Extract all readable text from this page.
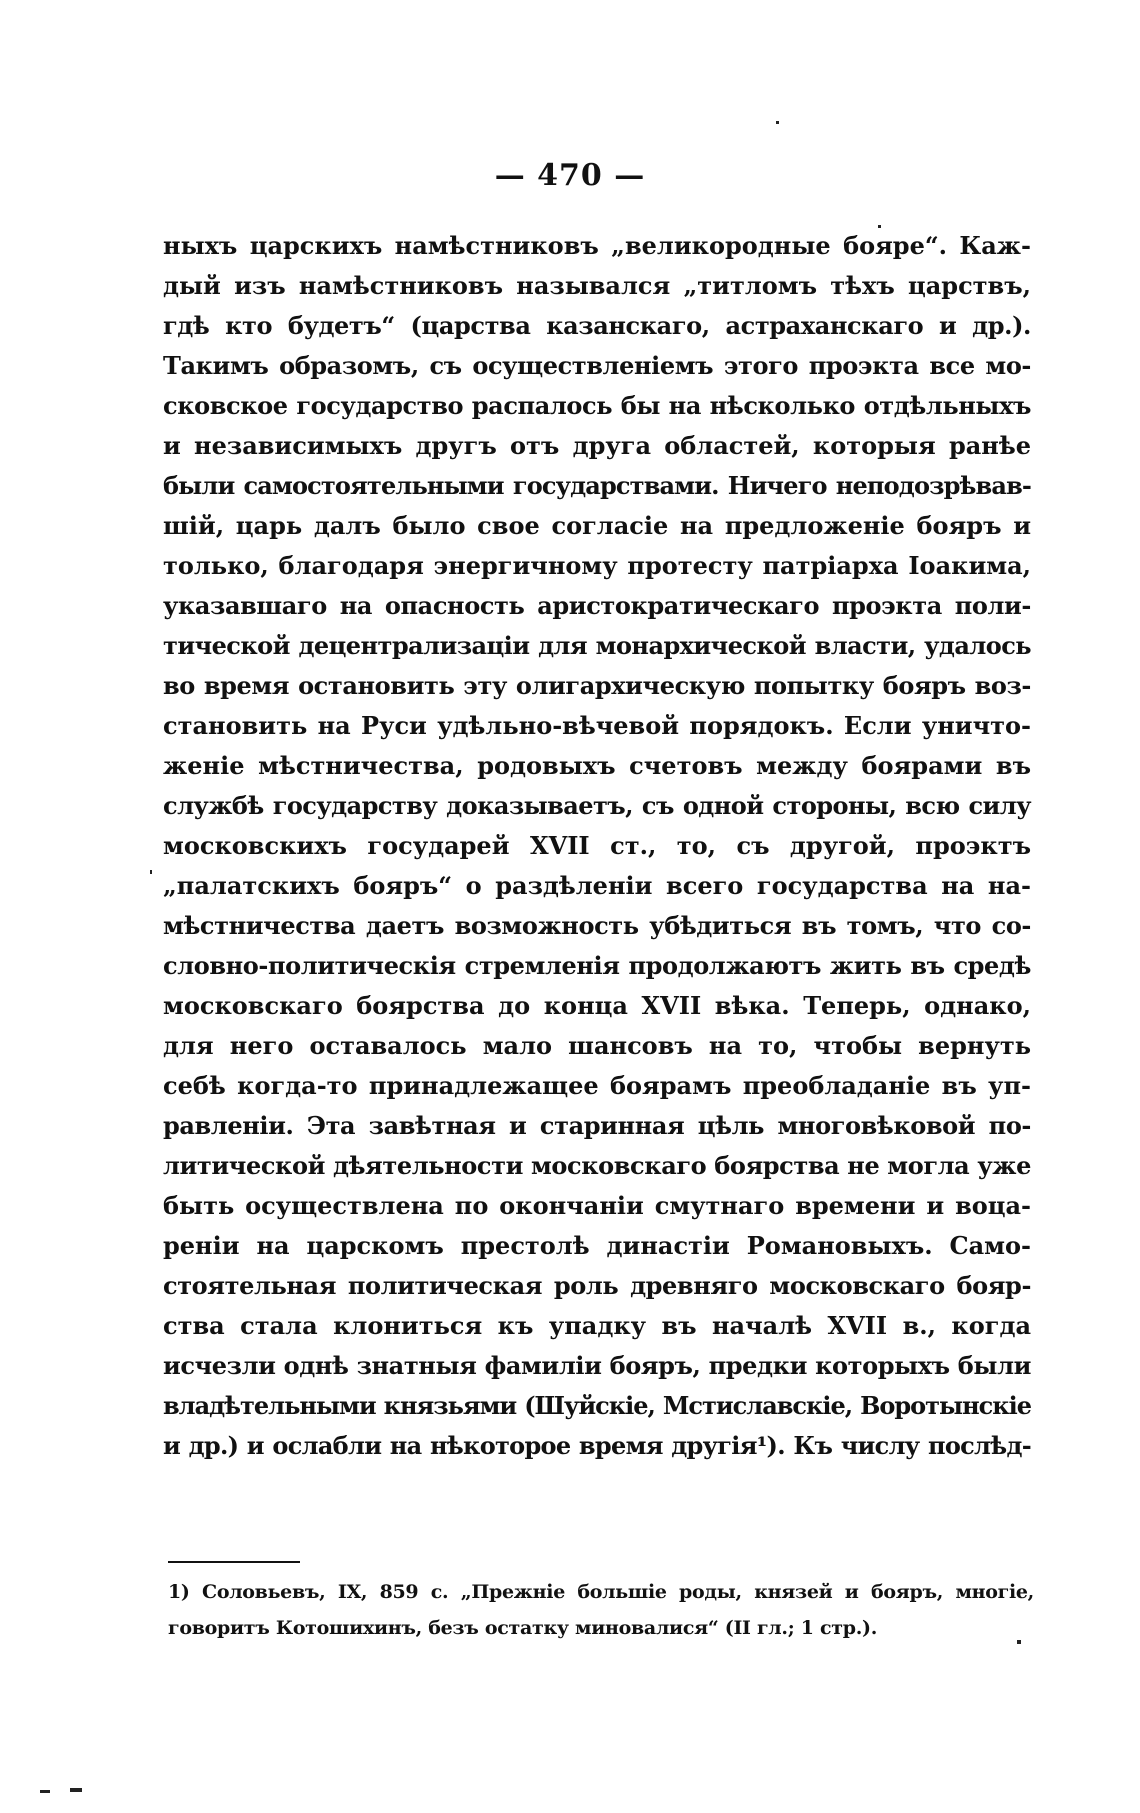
— 470 —
ныхъ царскихъ намѣстниковъ „великородные бояре“. Каж-
дый изъ намѣстниковъ назывался „титломъ тѣхъ царствъ,
гдѣ кто будетъ“ (царства казанскаго, астраханскаго и др.).
Такимъ образомъ, съ осуществленіемъ этого проэкта все мо-
сковское государство распалось бы на нѣсколько отдѣльныхъ
и независимыхъ другъ отъ друга областей, которыя ранѣе
были самостоятельными государствами. Ничего неподозрѣвав-
шій, царь далъ было свое согласіе на предложеніе бояръ и
только, благодаря энергичному протесту патріарха Іоакима,
указавшаго на опасность аристократическаго проэкта поли-
тической децентрализаціи для монархической власти, удалось
во время остановить эту олигархическую попытку бояръ воз-
становить на Руси удѣльно-вѣчевой порядокъ. Если уничто-
женіе мѣстничества, родовыхъ счетовъ между боярами въ
службѣ государству доказываетъ, съ одной стороны, всю силу
московскихъ государей XVII ст., то, съ другой, проэктъ
„палатскихъ бояръ“ о раздѣленіи всего государства на на-
мѣстничества даетъ возможность убѣдиться въ томъ, что со-
словно-политическія стремленія продолжаютъ жить въ средѣ
московскаго боярства до конца XVII вѣка. Теперь, однако,
для него оставалось мало шансовъ на то, чтобы вернуть
себѣ когда-то принадлежащее боярамъ преобладаніе въ уп-
равленіи. Эта завѣтная и старинная цѣль многовѣковой по-
литической дѣятельности московскаго боярства не могла уже
быть осуществлена по окончаніи смутнаго времени и воца-
реніи на царскомъ престолѣ династіи Романовыхъ. Само-
стоятельная политическая роль древняго московскаго бояр-
ства стала клониться къ упадку въ началѣ XVII в., когда
исчезли однѣ знатныя фамиліи бояръ, предки которыхъ были
владѣтельными князьями (Шуйскіе, Мстиславскіе, Воротынскіе
и др.) и ослабли на нѣкоторое время другія¹). Къ числу послѣд-
1) Соловьевъ, IX, 859 с. „Прежніе большіе роды, князей и бояръ, многіе,
говоритъ Котошихинъ, безъ остатку миновалися“ (II гл.; 1 стр.).
